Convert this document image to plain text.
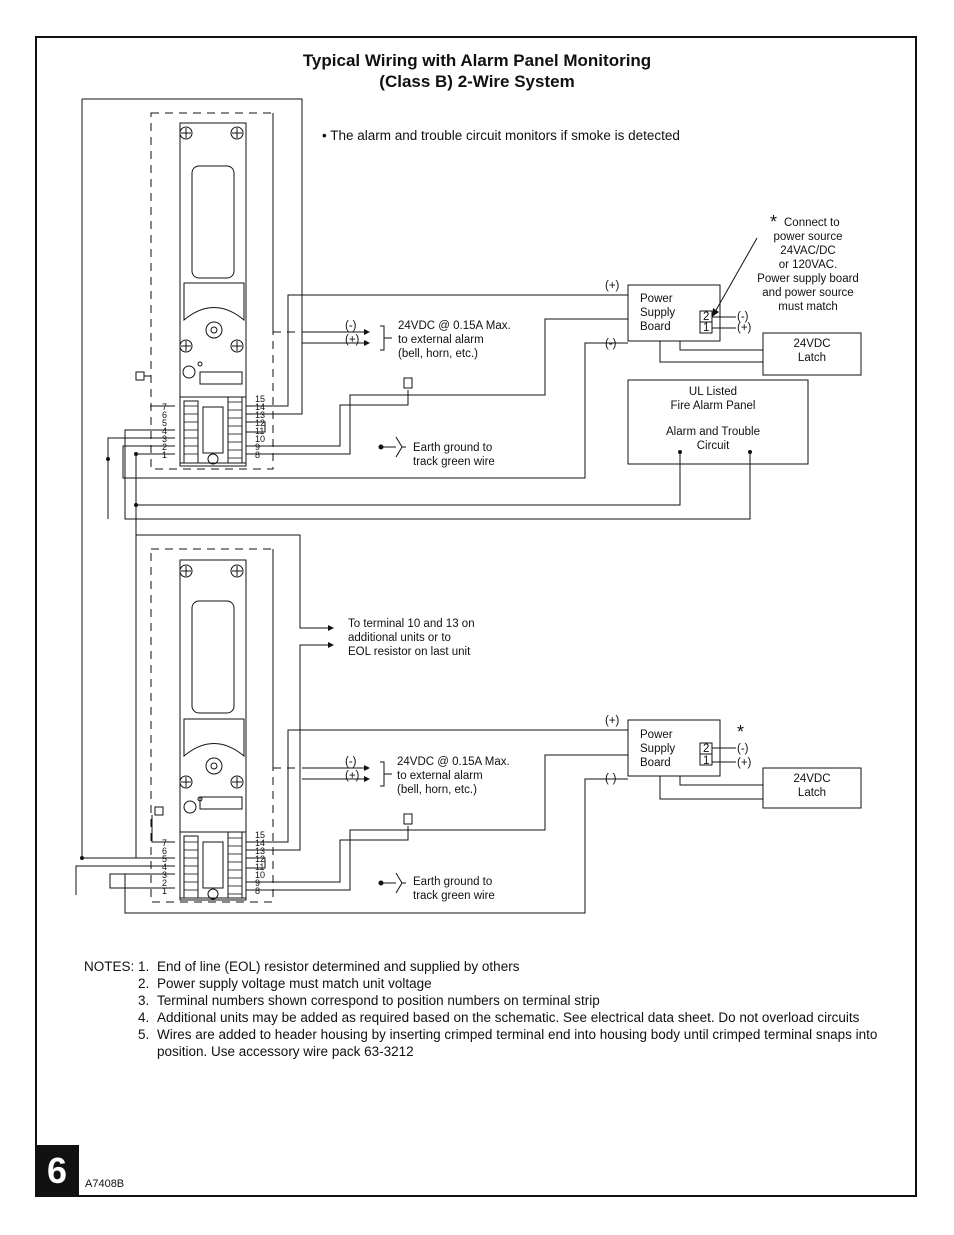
Typical Wiring with Alarm Panel Monitoring
(Class B) 2-Wire System
• The alarm and trouble circuit monitors if smoke is detected
7
6
5
4
3
2
1
15
14
13
12
11
10
9
8
(+)
(-)
Power
Supply
Board
2
1
(-)
(+)
* Connect to
power source
24VAC/DC
or 120VAC.
Power supply board
and power source
must match
24VDC
Latch
UL Listed
Fire Alarm Panel
Alarm and Trouble
Circuit
(-)
(+)
24VDC @ 0.15A Max.
to external alarm
(bell, horn, etc.)
Earth ground to
track green wire
7
6
5
4
3
2
1
15
14
13
12
11
10
9
8
(+)
(-)
Power
Supply
Board
2
1
(-)
(+)
*
24VDC
Latch
To terminal 10 and 13 on
additional units or to
EOL resistor on last unit
(-)
(+)
24VDC @ 0.15A Max.
to external alarm
(bell, horn, etc.)
Earth ground to
track green wire
NOTES: 1. End of line (EOL) resistor determined and supplied by others
2. Power supply voltage must match unit voltage
3. Terminal numbers shown correspond to position numbers on terminal strip
4. Additional units may be added as required based on the schematic. See electrical data sheet. Do not overload circuits
5. Wires are added to header housing by inserting crimped terminal end into housing body until crimped terminal snaps into position. Use accessory wire pack 63-3212
6	A7408B
